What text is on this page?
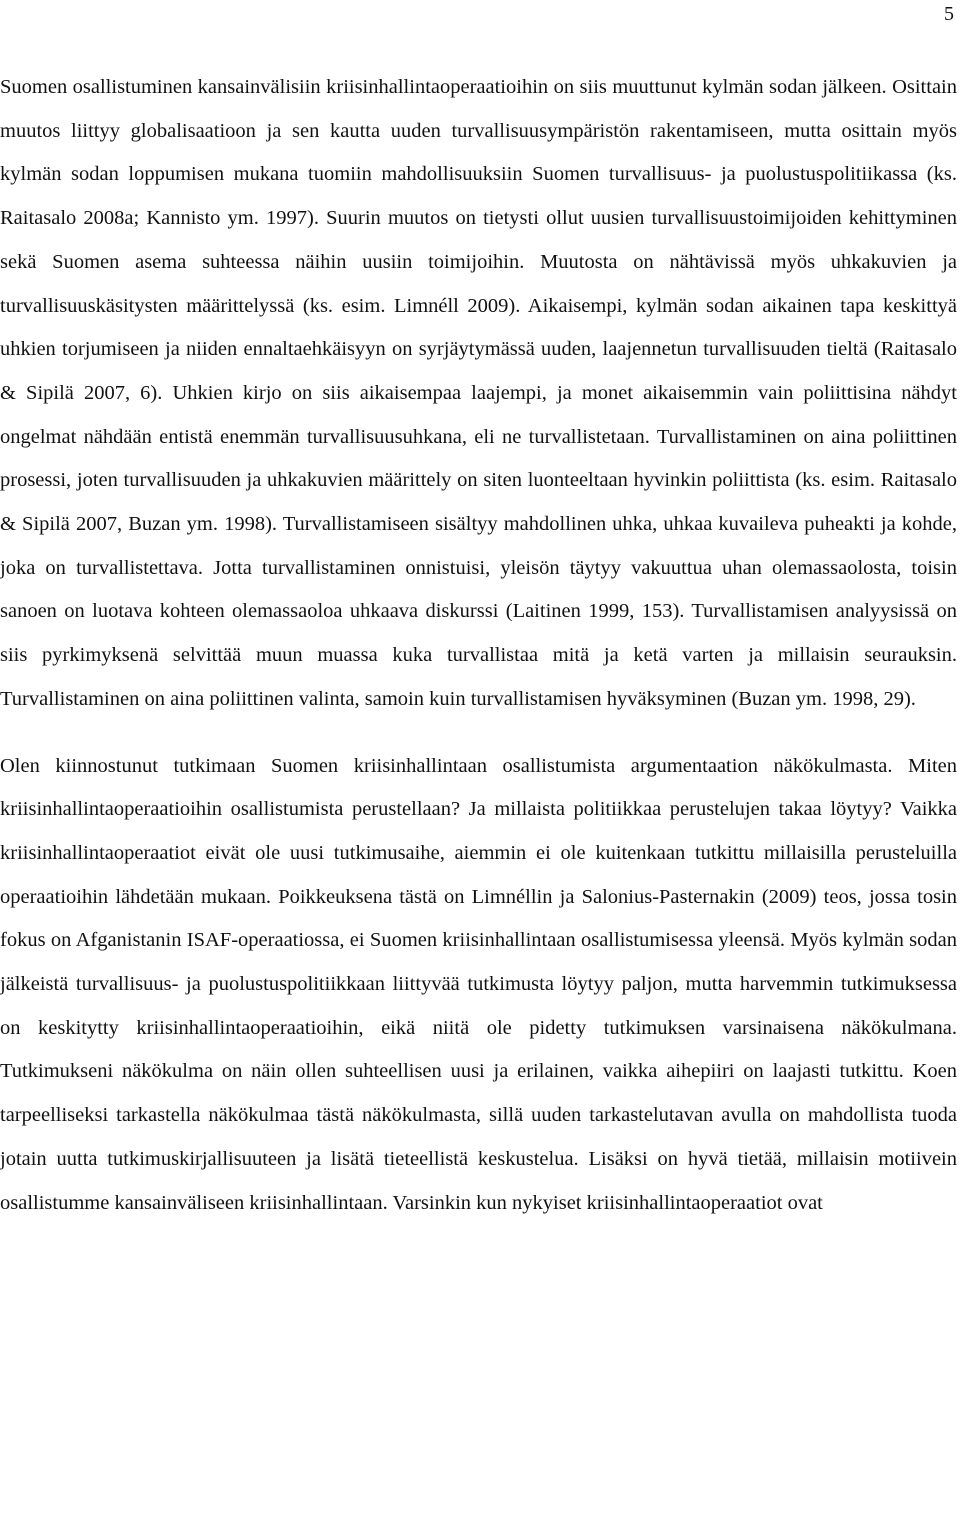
5

Suomen osallistuminen kansainvälisiin kriisinhallintaoperaatioihin on siis muuttunut kylmän sodan jälkeen. Osittain muutos liittyy globalisaatioon ja sen kautta uuden turvallisuusympäristön rakentamiseen, mutta osittain myös kylmän sodan loppumisen mukana tuomiin mahdollisuuksiin Suomen turvallisuus- ja puolustuspolitiikassa (ks. Raitasalo 2008a; Kannisto ym. 1997). Suurin muutos on tietysti ollut uusien turvallisuustoimijoiden kehittyminen sekä Suomen asema suhteessa näihin uusiin toimijoihin. Muutosta on nähtävissä myös uhkakuvien ja turvallisuuskäsitysten määrittelyssä (ks. esim. Limnéll 2009). Aikaisempi, kylmän sodan aikainen tapa keskittyä uhkien torjumiseen ja niiden ennaltaehkäisyyn on syrjäytymässä uuden, laajennetun turvallisuuden tieltä (Raitasalo & Sipilä 2007, 6). Uhkien kirjo on siis aikaisempaa laajempi, ja monet aikaisemmin vain poliittisina nähdyt ongelmat nähdään entistä enemmän turvallisuusuhkana, eli ne turvallistetaan. Turvallistaminen on aina poliittinen prosessi, joten turvallisuuden ja uhkakuvien määrittely on siten luonteeltaan hyvinkin poliittista (ks. esim. Raitasalo & Sipilä 2007, Buzan ym. 1998). Turvallistamiseen sisältyy mahdollinen uhka, uhkaa kuvaileva puheakti ja kohde, joka on turvallistettava. Jotta turvallistaminen onnistuisi, yleisön täytyy vakuuttua uhan olemassaolosta, toisin sanoen on luotava kohteen olemassaoloa uhkaava diskurssi (Laitinen 1999, 153). Turvallistamisen analyysissä on siis pyrkimyksenä selvittää muun muassa kuka turvallistaa mitä ja ketä varten ja millaisin seurauksin. Turvallistaminen on aina poliittinen valinta, samoin kuin turvallistamisen hyväksyminen (Buzan ym. 1998, 29).

Olen kiinnostunut tutkimaan Suomen kriisinhallintaan osallistumista argumentaation näkökulmasta. Miten kriisinhallintaoperaatioihin osallistumista perustellaan? Ja millaista politiikkaa perustelujen takaa löytyy? Vaikka kriisinhallintaoperaatiot eivät ole uusi tutkimusaihe, aiemmin ei ole kuitenkaan tutkittu millaisilla perusteluilla operaatioihin lähdetään mukaan. Poikkeuksena tästä on Limnéllin ja Salonius-Pasternakin (2009) teos, jossa tosin fokus on Afganistanin ISAF-operaatiossa, ei Suomen kriisinhallintaan osallistumisessa yleensä. Myös kylmän sodan jälkeistä turvallisuus- ja puolustuspolitiikkaan liittyvää tutkimusta löytyy paljon, mutta harvemmin tutkimuksessa on keskitytty kriisinhallintaoperaatioihin, eikä niitä ole pidetty tutkimuksen varsinaisena näkökulmana. Tutkimukseni näkökulma on näin ollen suhteellisen uusi ja erilainen, vaikka aihepiiri on laajasti tutkittu. Koen tarpeelliseksi tarkastella näkökulmaa tästä näkökulmasta, sillä uuden tarkastelutavan avulla on mahdollista tuoda jotain uutta tutkimuskirjallisuuteen ja lisätä tieteellistä keskustelua. Lisäksi on hyvä tietää, millaisin motiivein osallistumme kansainväliseen kriisinhallintaan. Varsinkin kun nykyiset kriisinhallintaoperaatiot ovat
